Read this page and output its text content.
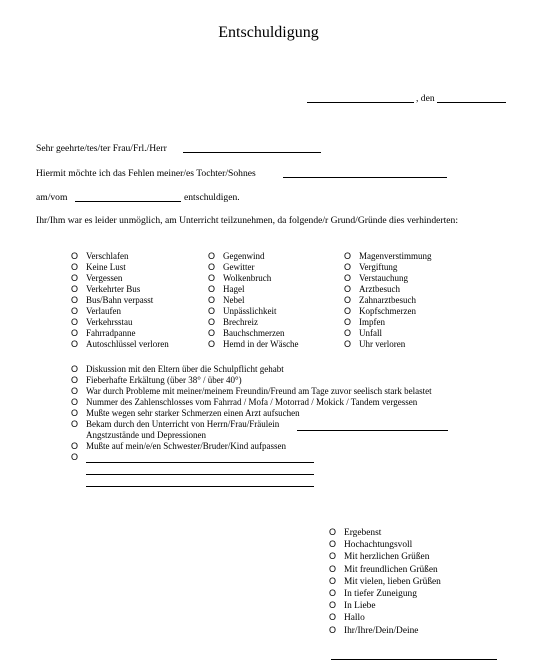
Entschuldigung
, den
Sehr geehrte/tes/ter Frau/Frl./Herr
Hiermit möchte ich das Fehlen meiner/es Tochter/Sohnes
am/vom	entschuldigen.
Ihr/Ihm war es leider unmöglich, am Unterricht teilzunehmen, da folgende/r Grund/Gründe dies verhinderten:
O Verschlafen
O Keine Lust
O Vergessen
O Verkehrter Bus
O Bus/Bahn verpasst
O Verlaufen
O Verkehrsstau
O Fahrradpanne
O Autoschlüssel verloren
O Gegenwind
O Gewitter
O Wolkenbruch
O Hagel
O Nebel
O Unpässlichkeit
O Brechreiz
O Bauchschmerzen
O Hemd in der Wäsche
O Magenverstimmung
O Vergiftung
O Verstauchung
O Arztbesuch
O Zahnarztbesuch
O Kopfschmerzen
O Impfen
O Unfall
O Uhr verloren
O Diskussion mit den Eltern über die Schulpflicht gehabt
O Fieberhafte Erkältung (über 38° / über 40°)
O War durch Probleme mit meiner/meinem Freundin/Freund am Tage zuvor seelisch stark belastet
O Nummer des Zahlenschlosses vom Fahrrad / Mofa / Motorrad / Mokick / Tandem vergessen
O Mußte wegen sehr starker Schmerzen einen Arzt aufsuchen
O Bekam durch den Unterricht von Herrn/Frau/Fräulein
Angstzustände und Depressionen
O Mußte auf mein/e/en Schwester/Bruder/Kind aufpassen
O
O Ergebenst
O Hochachtungsvoll
O Mit herzlichen Grüßen
O Mit freundlichen Grüßen
O Mit vielen, lieben Grüßen
O In tiefer Zuneigung
O In Liebe
O Hallo
O Ihr/Ihre/Dein/Deine
